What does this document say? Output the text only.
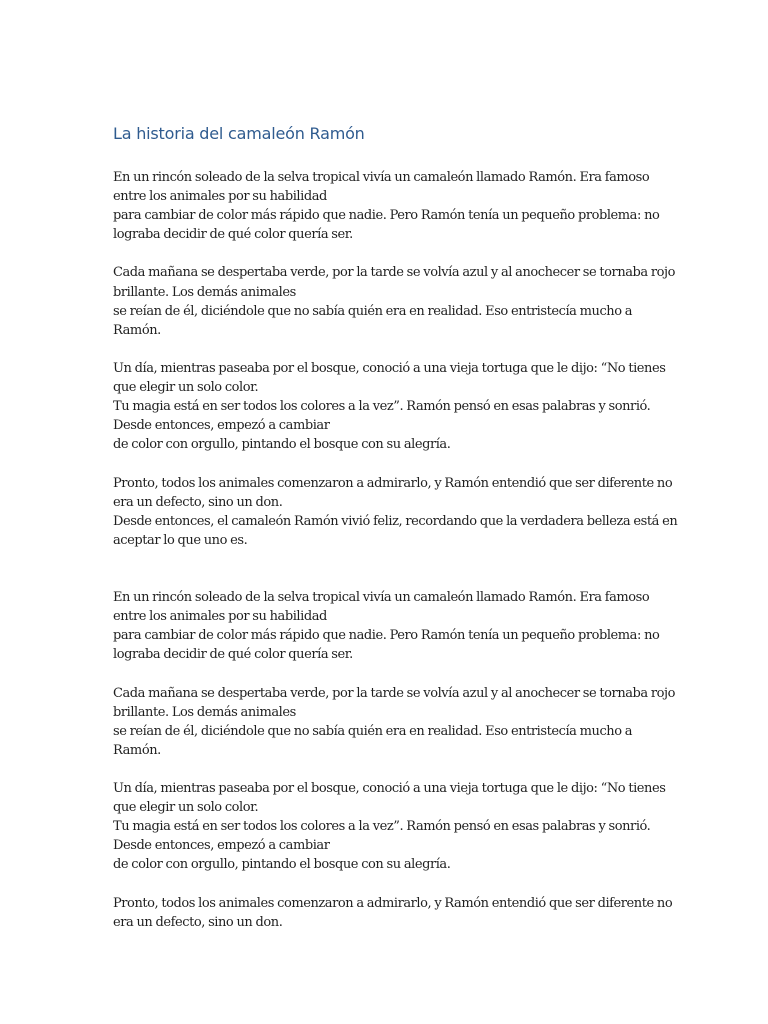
La historia del camaleón Ramón

En un rincón soleado de la selva tropical vivía un camaleón llamado Ramón. Era famoso
entre los animales por su habilidad
para cambiar de color más rápido que nadie. Pero Ramón tenía un pequeño problema: no
lograba decidir de qué color quería ser.

Cada mañana se despertaba verde, por la tarde se volvía azul y al anochecer se tornaba rojo
brillante. Los demás animales
se reían de él, diciéndole que no sabía quién era en realidad. Eso entristecía mucho a
Ramón.

Un día, mientras paseaba por el bosque, conoció a una vieja tortuga que le dijo: “No tienes
que elegir un solo color.
Tu magia está en ser todos los colores a la vez”. Ramón pensó en esas palabras y sonrió.
Desde entonces, empezó a cambiar
de color con orgullo, pintando el bosque con su alegría.

Pronto, todos los animales comenzaron a admirarlo, y Ramón entendió que ser diferente no
era un defecto, sino un don.
Desde entonces, el camaleón Ramón vivió feliz, recordando que la verdadera belleza está en
aceptar lo que uno es.

En un rincón soleado de la selva tropical vivía un camaleón llamado Ramón. Era famoso
entre los animales por su habilidad
para cambiar de color más rápido que nadie. Pero Ramón tenía un pequeño problema: no
lograba decidir de qué color quería ser.

Cada mañana se despertaba verde, por la tarde se volvía azul y al anochecer se tornaba rojo
brillante. Los demás animales
se reían de él, diciéndole que no sabía quién era en realidad. Eso entristecía mucho a
Ramón.

Un día, mientras paseaba por el bosque, conoció a una vieja tortuga que le dijo: “No tienes
que elegir un solo color.
Tu magia está en ser todos los colores a la vez”. Ramón pensó en esas palabras y sonrió.
Desde entonces, empezó a cambiar
de color con orgullo, pintando el bosque con su alegría.

Pronto, todos los animales comenzaron a admirarlo, y Ramón entendió que ser diferente no
era un defecto, sino un don.
